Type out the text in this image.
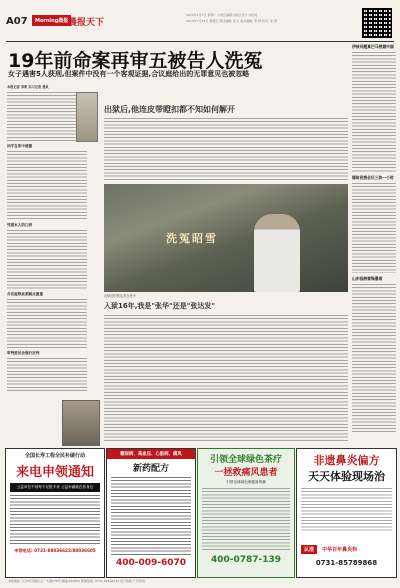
A07	Morning晨报 晨报天下
2013年1月7日 星期一 ◎责任编辑 ◎版式设计 ◎校对
2013年7月19日 星期五 责任编辑: 张力 美术编辑: 邓 桦 校对: 李 赞
19年前命案再审五被告人洗冤
女子遇害5人获刑,但案件中没有一个客观证据,合议庭给出的无罪意见也被忽略
本报记者 李爽 实习记者 龚灵
凶手在家中被捕
凭着本人的口供
合议庭称此案疑点重重
审判委员会强行定判
出狱后,他连皮带瞪扣都不知如何解开
洗冤昭雪
出狱后的张达发在家中
入狱16年,我是"张华"还是"张达发"
伊核问题真巴马根据中国
缅甸民族会议三块一小时
山东临朐雷锋暴雨
全国长寿工程全民补碳行动
来电申领通知
公益单位不再每不足报不来 公益补碳就在你身边
申领电话: 0731-88036622/88036605
糖尿病、高血压、心脏病、痛风
新药配方
400-009-6070
引领全球绿色茶疗
一拯救痛风患者
引领全球绿色保健新风潮
400-0787-139
非遗鼻炎偏方
天天体验现场治
认准 中华百年鼻炎科
0731-85789868
本报地址: 长沙市芙蓉区五一大道276号 邮编:410001 新闻热线: 0731-84326110 发行热线 广告热线
